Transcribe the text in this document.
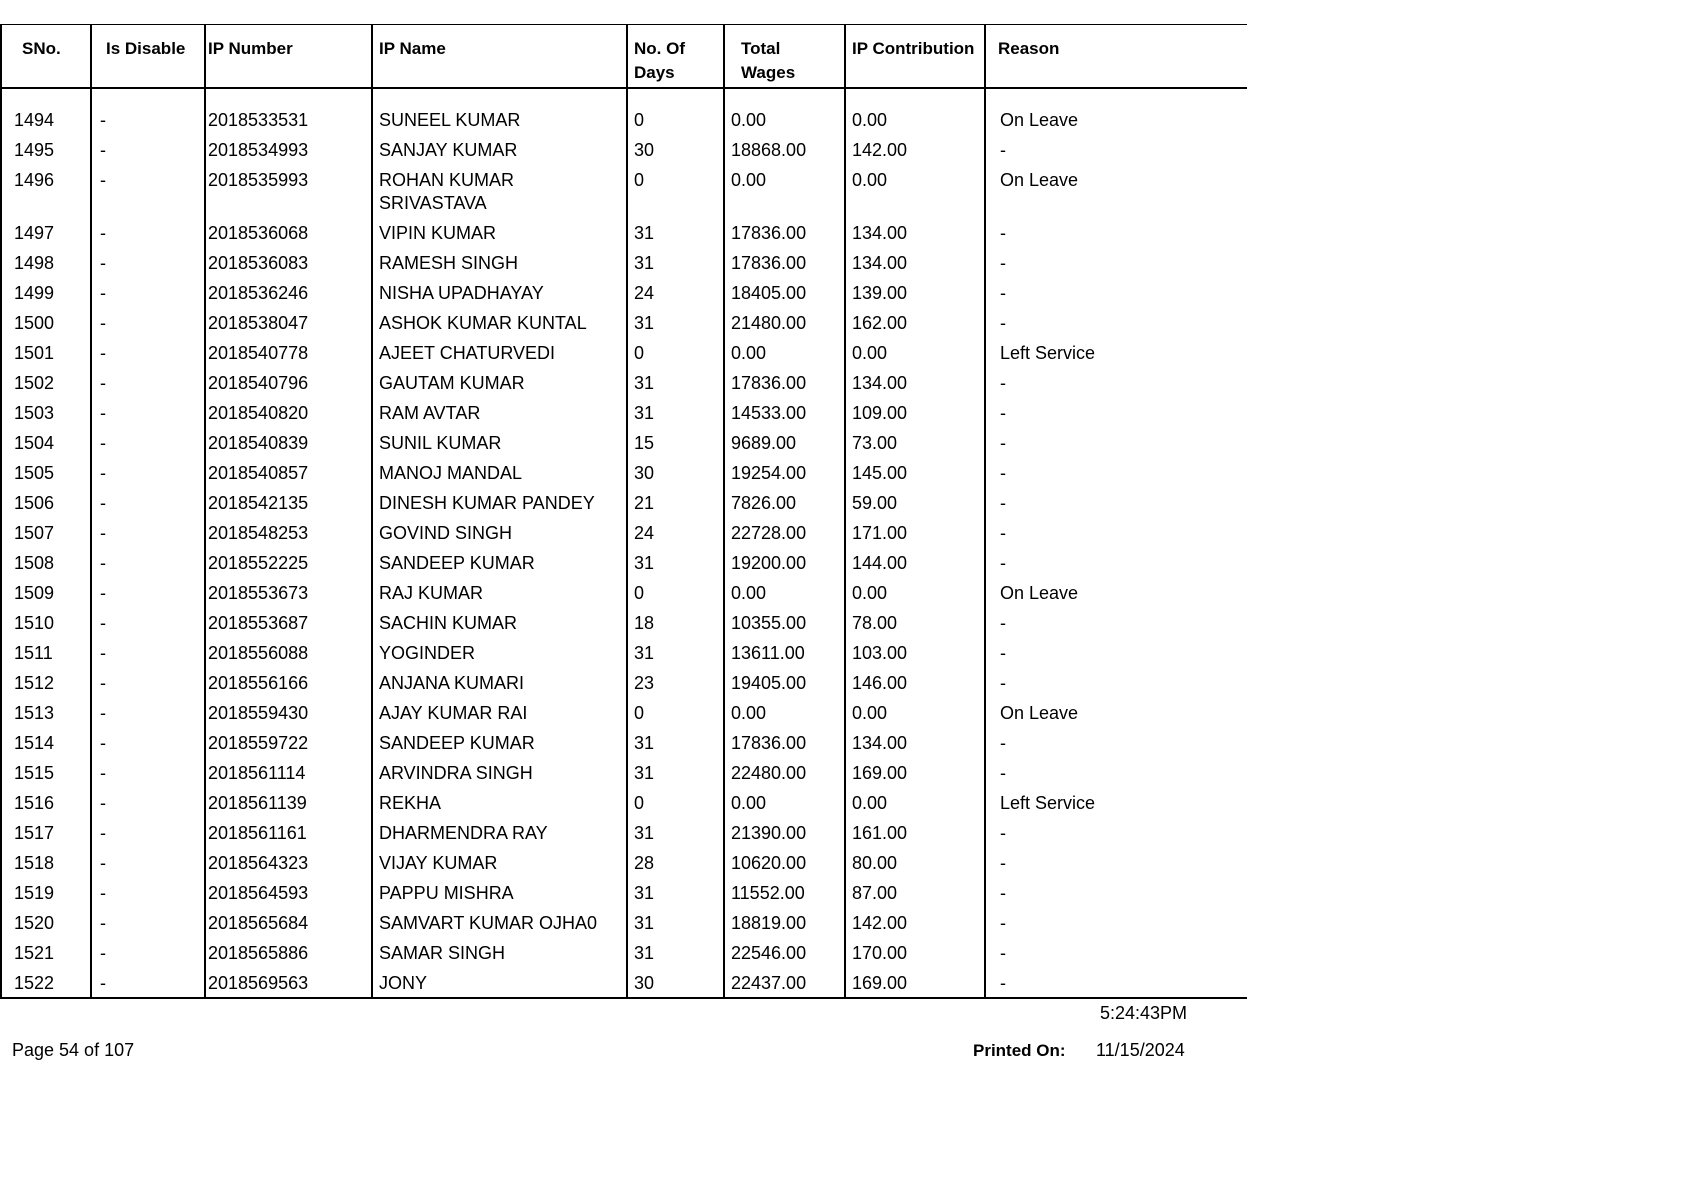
SNo.	Is Disable	IP Number	IP Name	No. Of Days	Total Wages	IP Contribution	Reason
1494	-	2018533531	SUNEEL KUMAR	0	0.00	0.00	On Leave
1495	-	2018534993	SANJAY KUMAR	30	18868.00	142.00	-
1496	-	2018535993	ROHAN KUMAR SRIVASTAVA	0	0.00	0.00	On Leave
1497	-	2018536068	VIPIN KUMAR	31	17836.00	134.00	-
1498	-	2018536083	RAMESH SINGH	31	17836.00	134.00	-
1499	-	2018536246	NISHA UPADHAYAY	24	18405.00	139.00	-
1500	-	2018538047	ASHOK KUMAR KUNTAL	31	21480.00	162.00	-
1501	-	2018540778	AJEET CHATURVEDI	0	0.00	0.00	Left Service
1502	-	2018540796	GAUTAM KUMAR	31	17836.00	134.00	-
1503	-	2018540820	RAM AVTAR	31	14533.00	109.00	-
1504	-	2018540839	SUNIL KUMAR	15	9689.00	73.00	-
1505	-	2018540857	MANOJ MANDAL	30	19254.00	145.00	-
1506	-	2018542135	DINESH KUMAR PANDEY	21	7826.00	59.00	-
1507	-	2018548253	GOVIND SINGH	24	22728.00	171.00	-
1508	-	2018552225	SANDEEP KUMAR	31	19200.00	144.00	-
1509	-	2018553673	RAJ KUMAR	0	0.00	0.00	On Leave
1510	-	2018553687	SACHIN KUMAR	18	10355.00	78.00	-
1511	-	2018556088	YOGINDER	31	13611.00	103.00	-
1512	-	2018556166	ANJANA KUMARI	23	19405.00	146.00	-
1513	-	2018559430	AJAY KUMAR RAI	0	0.00	0.00	On Leave
1514	-	2018559722	SANDEEP KUMAR	31	17836.00	134.00	-
1515	-	2018561114	ARVINDRA SINGH	31	22480.00	169.00	-
1516	-	2018561139	REKHA	0	0.00	0.00	Left Service
1517	-	2018561161	DHARMENDRA RAY	31	21390.00	161.00	-
1518	-	2018564323	VIJAY KUMAR	28	10620.00	80.00	-
1519	-	2018564593	PAPPU MISHRA	31	11552.00	87.00	-
1520	-	2018565684	SAMVART KUMAR OJHA0	31	18819.00	142.00	-
1521	-	2018565886	SAMAR SINGH	31	22546.00	170.00	-
1522	-	2018569563	JONY	30	22437.00	169.00	-
5:24:43PM
Page 54 of 107	Printed On: 11/15/2024
